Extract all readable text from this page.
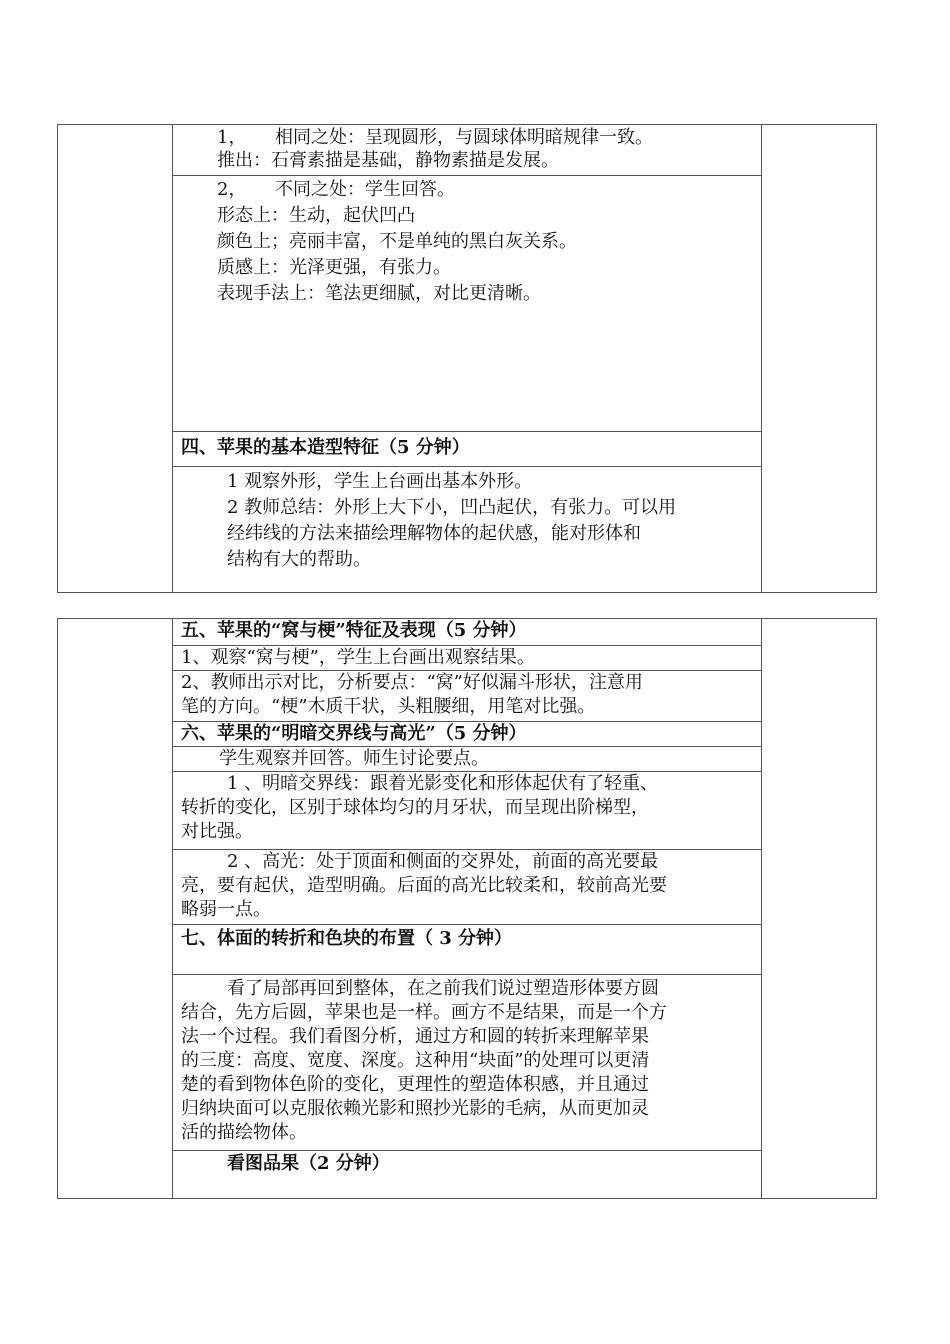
1，     相同之处：呈现圆形，与圆球体明暗规律一致。
推出：石膏素描是基础，静物素描是发展。

2，     不同之处：学生回答。
形态上：生动，起伏凹凸
颜色上；亮丽丰富，不是单纯的黑白灰关系。
质感上：光泽更强，有张力。
表现手法上：笔法更细腻，对比更清晰。

四、苹果的基本造型特征（5 分钟）

1 观察外形，学生上台画出基本外形。
2 教师总结：外形上大下小，凹凸起伏，有张力。可以用
经纬线的方法来描绘理解物体的起伏感，能对形体和
结构有大的帮助。

五、苹果的“窝与梗”特征及表现（5 分钟）

1、观察“窝与梗”，学生上台画出观察结果。

2、教师出示对比，分析要点：“窝”好似漏斗形状，注意用
笔的方向。“梗”木质干状，头粗腰细，用笔对比强。

六、苹果的“明暗交界线与高光”（5 分钟）

学生观察并回答。师生讨论要点。

1 、明暗交界线：跟着光影变化和形体起伏有了轻重、
转折的变化，区别于球体均匀的月牙状，而呈现出阶梯型，
对比强。

2 、高光：处于顶面和侧面的交界处，前面的高光要最
亮，要有起伏，造型明确。后面的高光比较柔和，较前高光要
略弱一点。

七、体面的转折和色块的布置（ 3 分钟）

看了局部再回到整体，在之前我们说过塑造形体要方圆
结合，先方后圆，苹果也是一样。画方不是结果，而是一个方
法一个过程。我们看图分析，通过方和圆的转折来理解苹果
的三度：高度、宽度、深度。这种用“块面”的处理可以更清
楚的看到物体色阶的变化，更理性的塑造体积感，并且通过
归纳块面可以克服依赖光影和照抄光影的毛病，从而更加灵
活的描绘物体。

看图品果（2 分钟）
